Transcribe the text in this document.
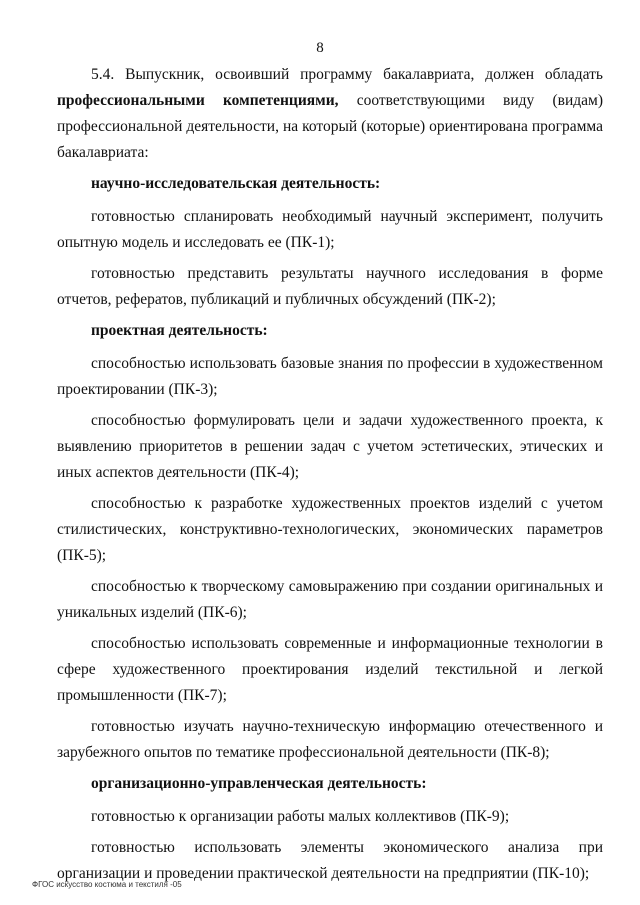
8

5.4. Выпускник, освоивший программу бакалавриата, должен обладать профессиональными компетенциями, соответствующими виду (видам) профессиональной деятельности, на который (которые) ориентирована программа бакалавриата:

научно-исследовательская деятельность:

готовностью спланировать необходимый научный эксперимент, получить опытную модель и исследовать ее (ПК-1);

готовностью представить результаты научного исследования в форме отчетов, рефератов, публикаций и публичных обсуждений (ПК-2);

проектная деятельность:

способностью использовать базовые знания по профессии в художественном проектировании (ПК-3);

способностью формулировать цели и задачи художественного проекта, к выявлению приоритетов в решении задач с учетом эстетических, этических и иных аспектов деятельности (ПК-4);

способностью к разработке художественных проектов изделий с учетом стилистических, конструктивно-технологических, экономических параметров (ПК-5);

способностью к творческому самовыражению при создании оригинальных и уникальных изделий (ПК-6);

способностью использовать современные и информационные технологии в сфере художественного проектирования изделий текстильной и легкой промышленности (ПК-7);

готовностью изучать научно-техническую информацию отечественного и зарубежного опытов по тематике профессиональной деятельности (ПК-8);

организационно-управленческая деятельность:

готовностью к организации работы малых коллективов (ПК-9);

готовностью использовать элементы экономического анализа при организации и проведении практической деятельности на предприятии (ПК-10);

ФГОС искусство костюма и текстиля -05
